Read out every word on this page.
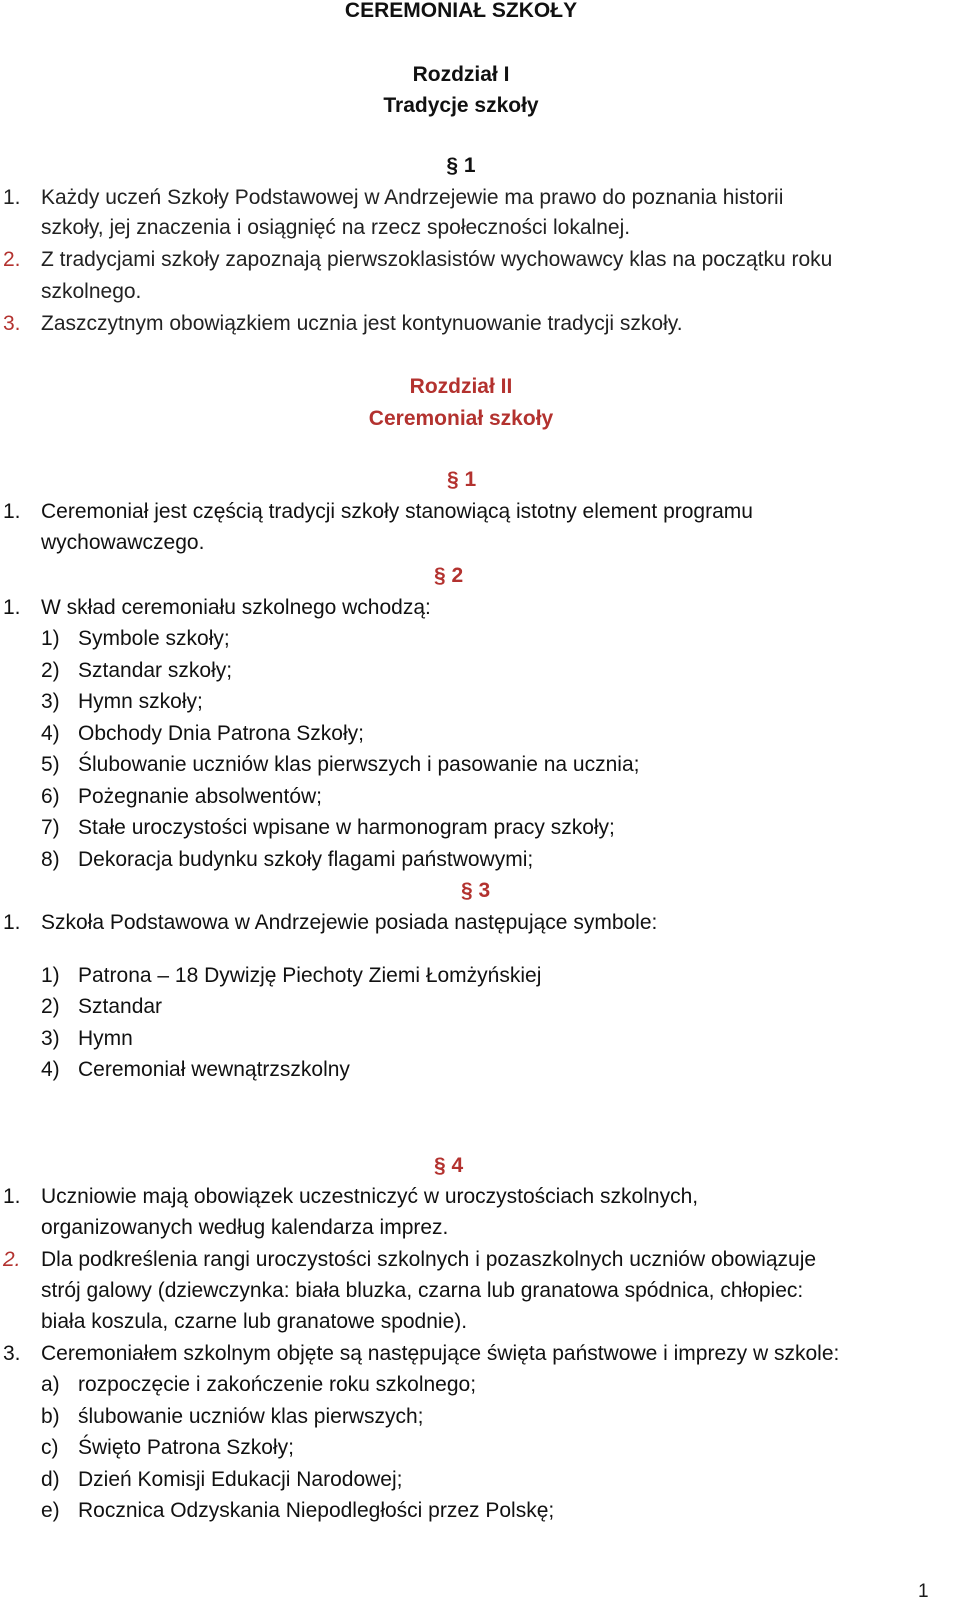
CEREMONIAŁ SZKOŁY
Rozdział I
Tradycje szkoły
§ 1
1. Każdy uczeń Szkoły Podstawowej w Andrzejewie ma prawo do poznania historii
szkoły, jej znaczenia i osiągnięć na rzecz społeczności lokalnej.
2. Z tradycjami szkoły zapoznają pierwszoklasistów wychowawcy klas na początku roku
szkolnego.
3. Zaszczytnym obowiązkiem ucznia jest kontynuowanie tradycji szkoły.
Rozdział II
Ceremoniał szkoły
§ 1
1. Ceremoniał jest częścią tradycji szkoły stanowiącą istotny element programu
wychowawczego.
§ 2
1. W skład ceremoniału szkolnego wchodzą:
1) Symbole szkoły;
2) Sztandar szkoły;
3) Hymn szkoły;
4) Obchody Dnia Patrona Szkoły;
5) Ślubowanie uczniów klas pierwszych i pasowanie na ucznia;
6) Pożegnanie absolwentów;
7) Stałe uroczystości wpisane w harmonogram pracy szkoły;
8) Dekoracja budynku szkoły flagami państwowymi;
§ 3
1. Szkoła Podstawowa w Andrzejewie posiada następujące symbole:
1) Patrona – 18 Dywizję Piechoty Ziemi Łomżyńskiej
2) Sztandar
3) Hymn
4) Ceremoniał wewnątrzszkolny
§ 4
1. Uczniowie mają obowiązek uczestniczyć w uroczystościach szkolnych,
organizowanych według kalendarza imprez.
2. Dla podkreślenia rangi uroczystości szkolnych i pozaszkolnych uczniów obowiązuje
strój galowy (dziewczynka: biała bluzka, czarna lub granatowa spódnica, chłopiec:
biała koszula, czarne lub granatowe spodnie).
3. Ceremoniałem szkolnym objęte są następujące święta państwowe i imprezy w szkole:
a) rozpoczęcie i zakończenie roku szkolnego;
b) ślubowanie uczniów klas pierwszych;
c) Święto Patrona Szkoły;
d) Dzień Komisji Edukacji Narodowej;
e) Rocznica Odzyskania Niepodległości przez Polskę;
1
